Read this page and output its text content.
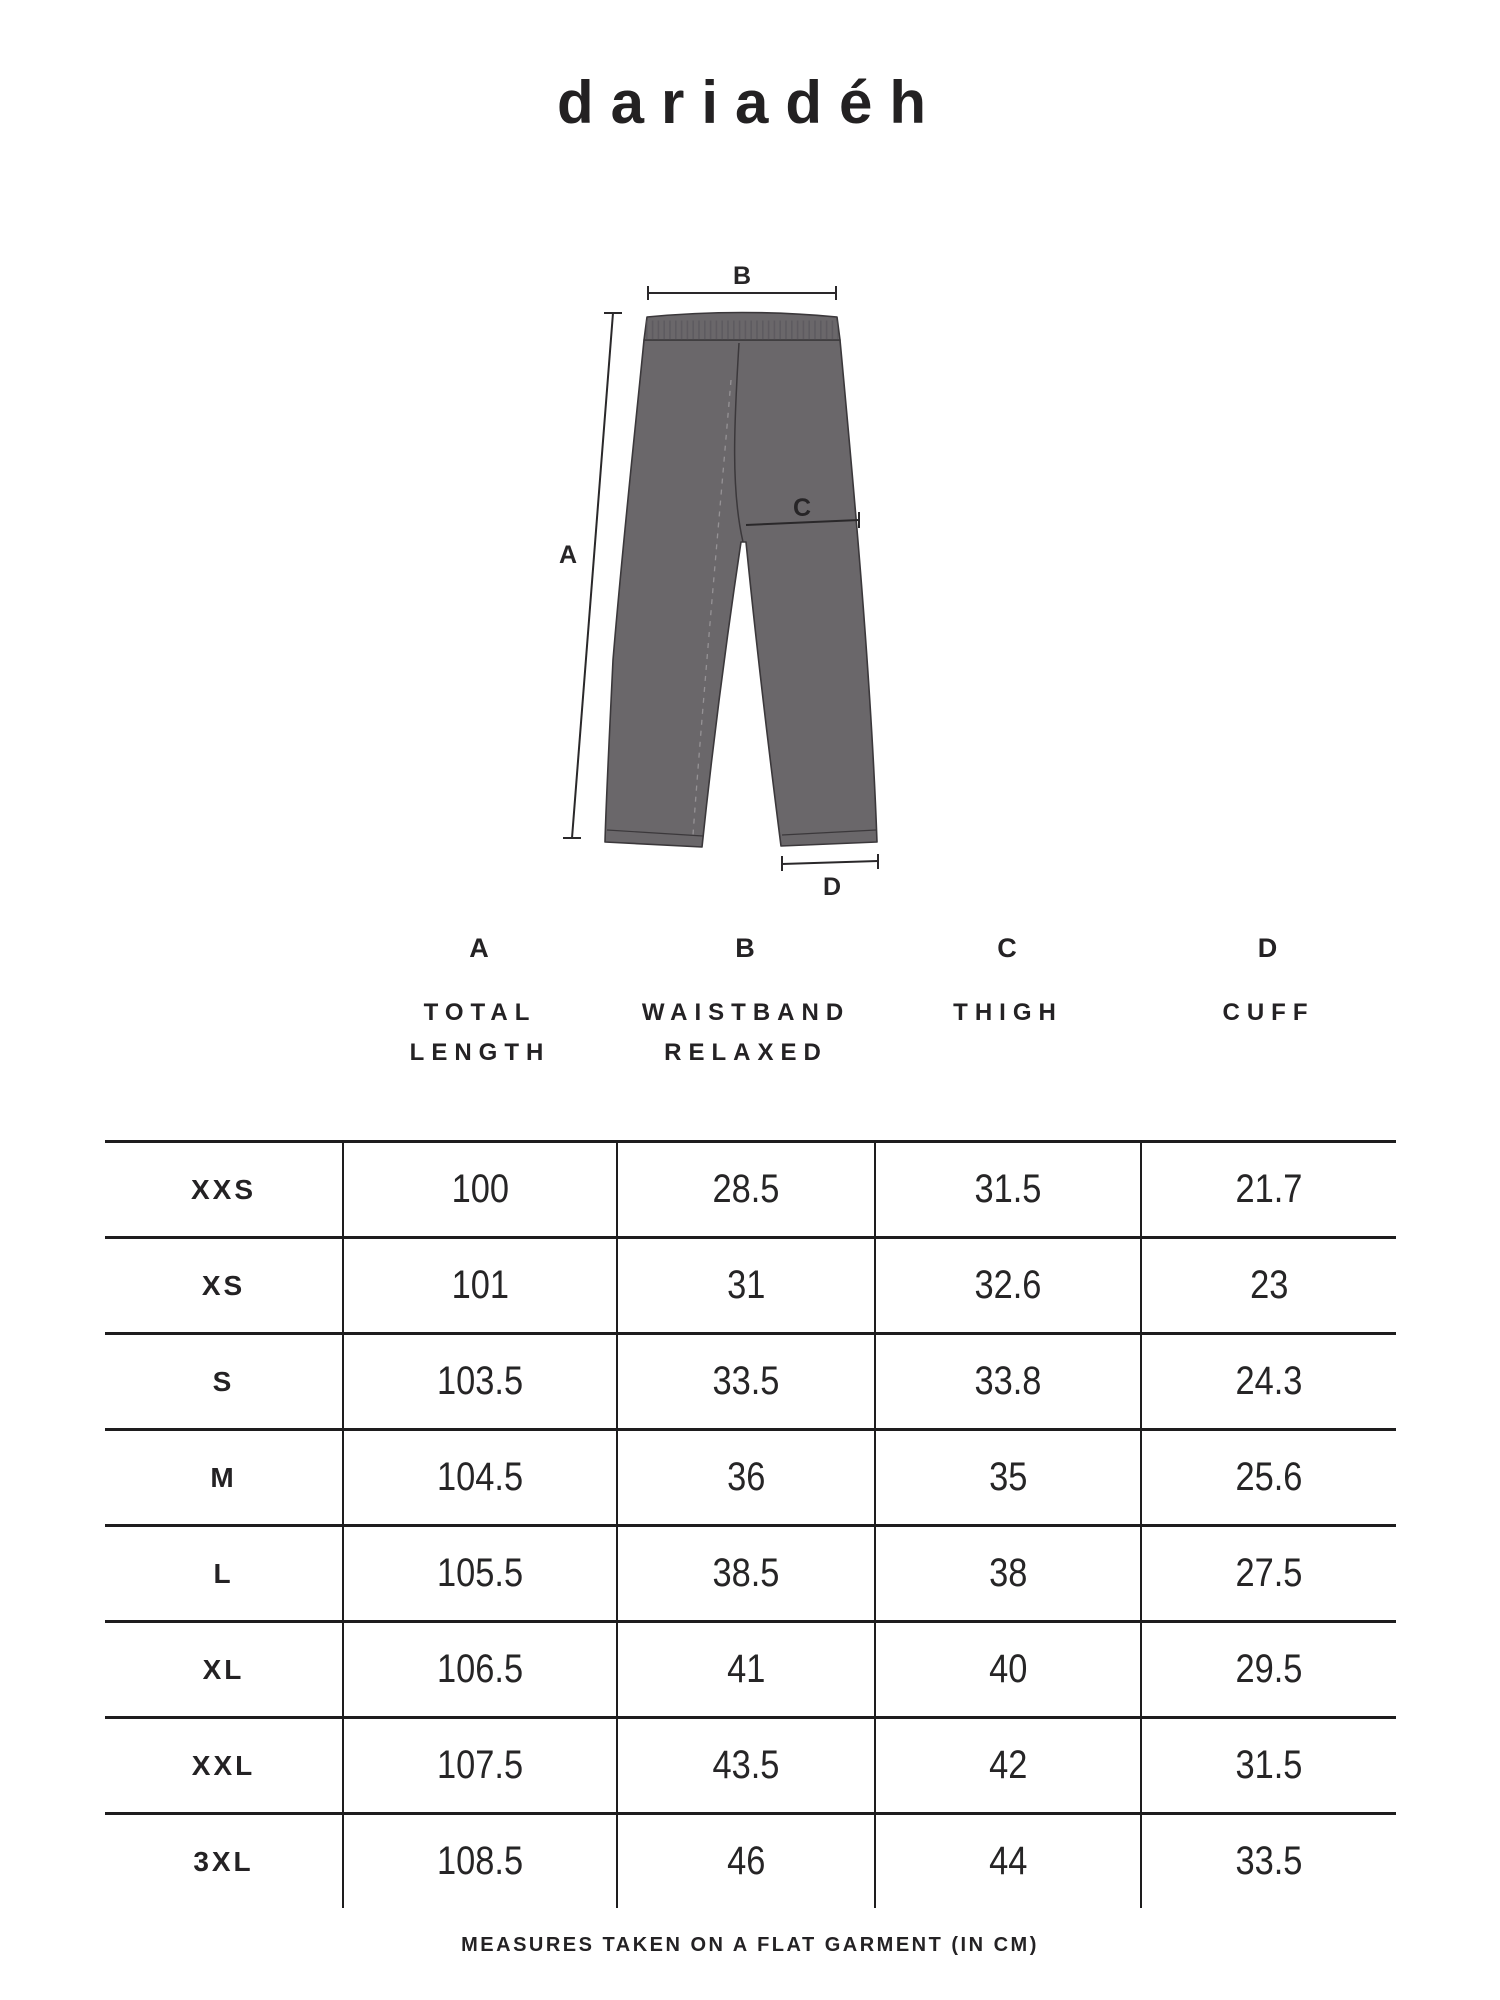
dariadéh
B
A
C
D
A
TOTAL
LENGTH
B
WAISTBAND
RELAXED
C
THIGH
D
CUFF
XXS	100	28.5	31.5	21.7
XS	101	31	32.6	23
S	103.5	33.5	33.8	24.3
M	104.5	36	35	25.6
L	105.5	38.5	38	27.5
XL	106.5	41	40	29.5
XXL	107.5	43.5	42	31.5
3XL	108.5	46	44	33.5
MEASURES TAKEN ON A FLAT GARMENT (IN CM)
